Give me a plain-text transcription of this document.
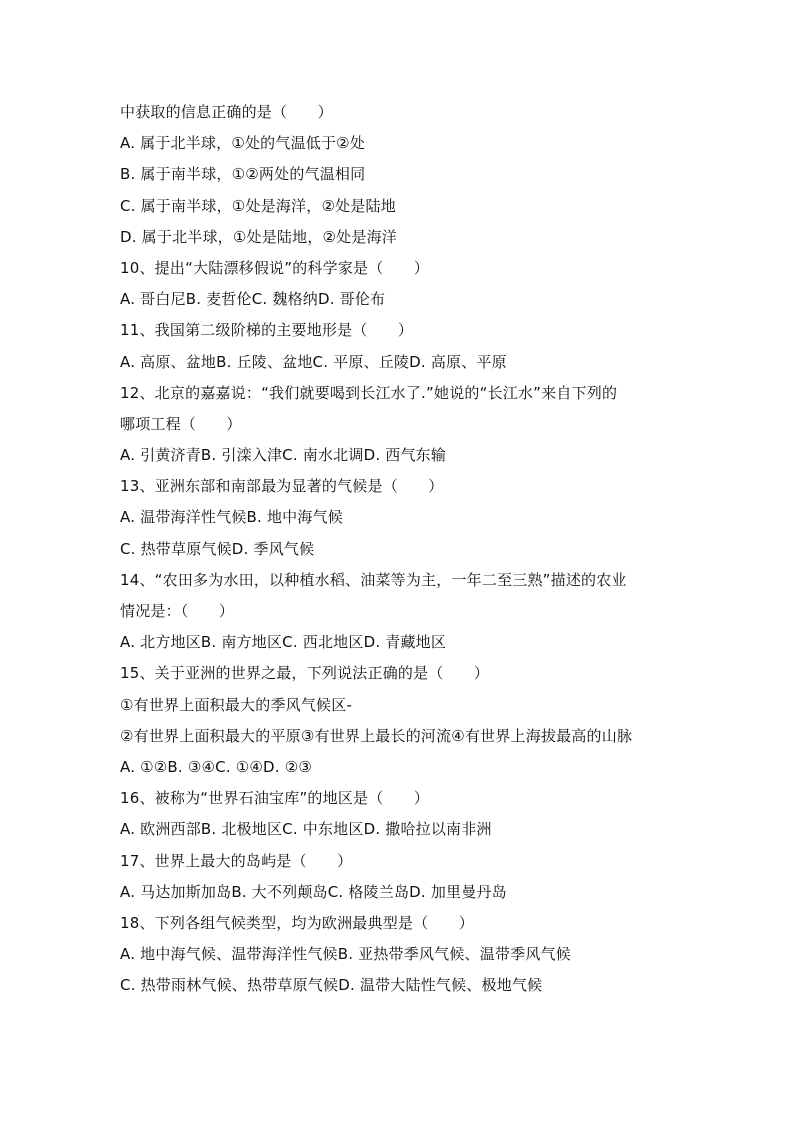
中获取的信息正确的是（　　）
A. 属于北半球，①处的气温低于②处
B. 属于南半球，①②两处的气温相同
C. 属于南半球，①处是海洋，②处是陆地
D. 属于北半球，①处是陆地，②处是海洋
10、提出“大陆漂移假说”的科学家是（　　）
A. 哥白尼B. 麦哲伦C. 魏格纳D. 哥伦布
11、我国第二级阶梯的主要地形是（　　）
A. 高原、盆地B. 丘陵、盆地C. 平原、丘陵D. 高原、平原
12、北京的嘉嘉说：“我们就要喝到长江水了.”她说的“长江水”来自下列的
哪项工程（　　）
A. 引黄济青B. 引滦入津C. 南水北调D. 西气东输
13、亚洲东部和南部最为显著的气候是（　　）
A. 温带海洋性气候B. 地中海气候
C. 热带草原气候D. 季风气候
14、“农田多为水田，以种植水稻、油菜等为主，一年二至三熟”描述的农业
情况是：（　　）
A. 北方地区B. 南方地区C. 西北地区D. 青藏地区
15、关于亚洲的世界之最，下列说法正确的是（　　）
①有世界上面积最大的季风气候区-
②有世界上面积最大的平原③有世界上最长的河流④有世界上海拔最高的山脉
A. ①②B. ③④C. ①④D. ②③
16、被称为“世界石油宝库”的地区是（　　）
A. 欧洲西部B. 北极地区C. 中东地区D. 撒哈拉以南非洲
17、世界上最大的岛屿是（　　）
A. 马达加斯加岛B. 大不列颠岛C. 格陵兰岛D. 加里曼丹岛
18、下列各组气候类型，均为欧洲最典型是（　　）
A. 地中海气候、温带海洋性气候B. 亚热带季风气候、温带季风气候
C. 热带雨林气候、热带草原气候D. 温带大陆性气候、极地气候
